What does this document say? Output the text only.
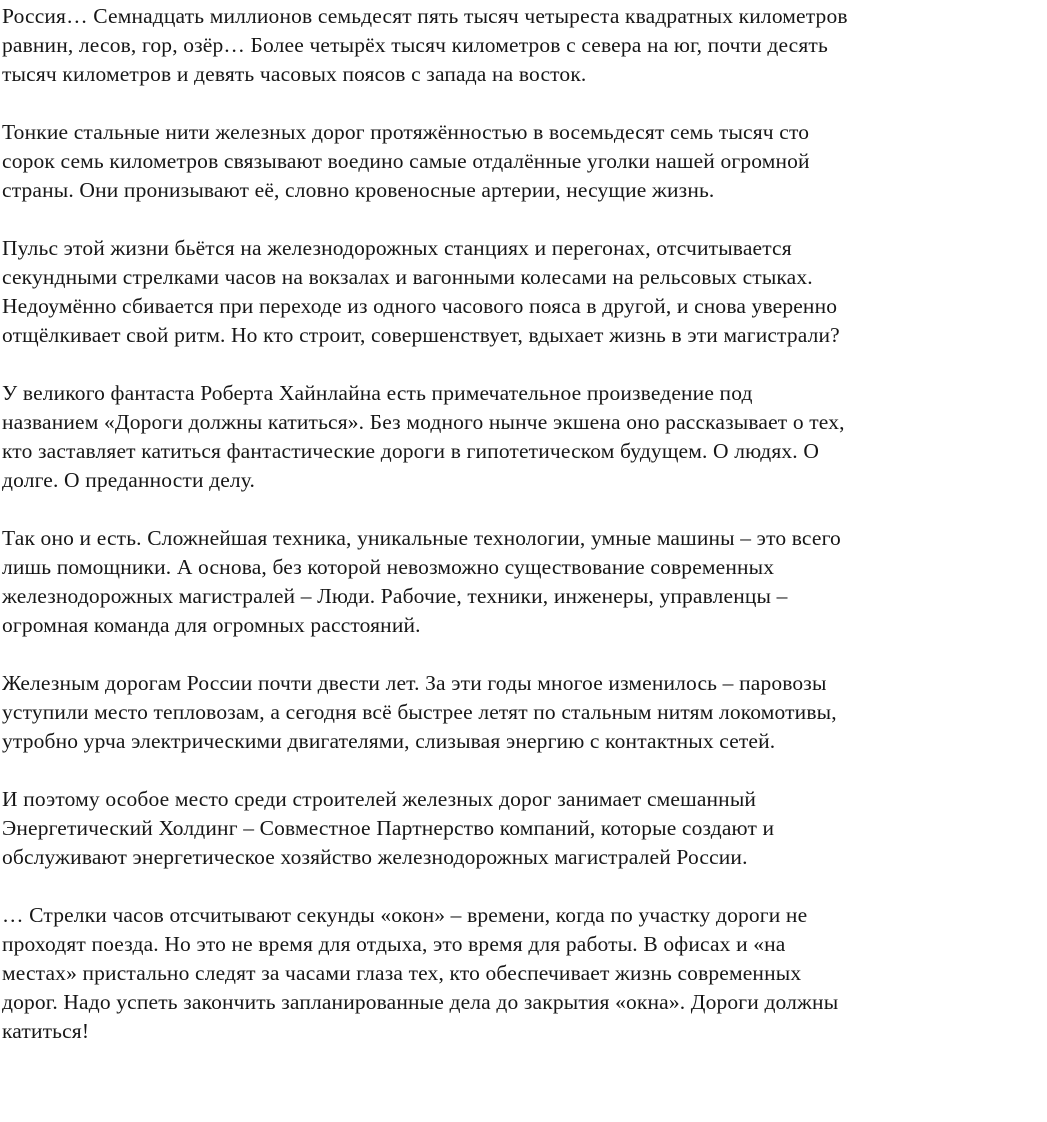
Россия… Семнадцать миллионов семьдесят пять тысяч четыреста квадратных километров
равнин, лесов, гор, озёр… Более четырёх тысяч километров с севера на юг, почти десять
тысяч километров и девять часовых поясов с запада на восток.
Тонкие стальные нити железных дорог протяжённостью в восемьдесят семь тысяч сто
сорок семь километров связывают воедино самые отдалённые уголки нашей огромной
страны. Они пронизывают её, словно кровеносные артерии, несущие жизнь.
Пульс этой жизни бьётся на железнодорожных станциях и перегонах, отсчитывается
секундными стрелками часов на вокзалах и вагонными колесами на рельсовых стыках.
Недоумённо сбивается при переходе из одного часового пояса в другой, и снова уверенно
отщёлкивает свой ритм. Но кто строит, совершенствует, вдыхает жизнь в эти магистрали?
У великого фантаста Роберта Хайнлайна есть примечательное произведение под
названием «Дороги должны катиться». Без модного нынче экшена оно рассказывает о тех,
кто заставляет катиться фантастические дороги в гипотетическом будущем. О людях. О
долге. О преданности делу.
Так оно и есть. Сложнейшая техника, уникальные технологии, умные машины – это всего
лишь помощники. А основа, без которой невозможно существование современных
железнодорожных магистралей – Люди. Рабочие, техники, инженеры, управленцы –
огромная команда для огромных расстояний.
Железным дорогам России почти двести лет. За эти годы многое изменилось – паровозы
уступили место тепловозам, а сегодня всё быстрее летят по стальным нитям локомотивы,
утробно урча электрическими двигателями, слизывая энергию с контактных сетей.
И поэтому особое место среди строителей железных дорог занимает смешанный
Энергетический Холдинг – Совместное Партнерство компаний, которые создают и
обслуживают энергетическое хозяйство железнодорожных магистралей России.
… Стрелки часов отсчитывают секунды «окон» – времени, когда по участку дороги не
проходят поезда. Но это не время для отдыха, это время для работы. В офисах и «на
местах» пристально следят за часами глаза тех, кто обеспечивает жизнь современных
дорог. Надо успеть закончить запланированные дела до закрытия «окна». Дороги должны
катиться!
